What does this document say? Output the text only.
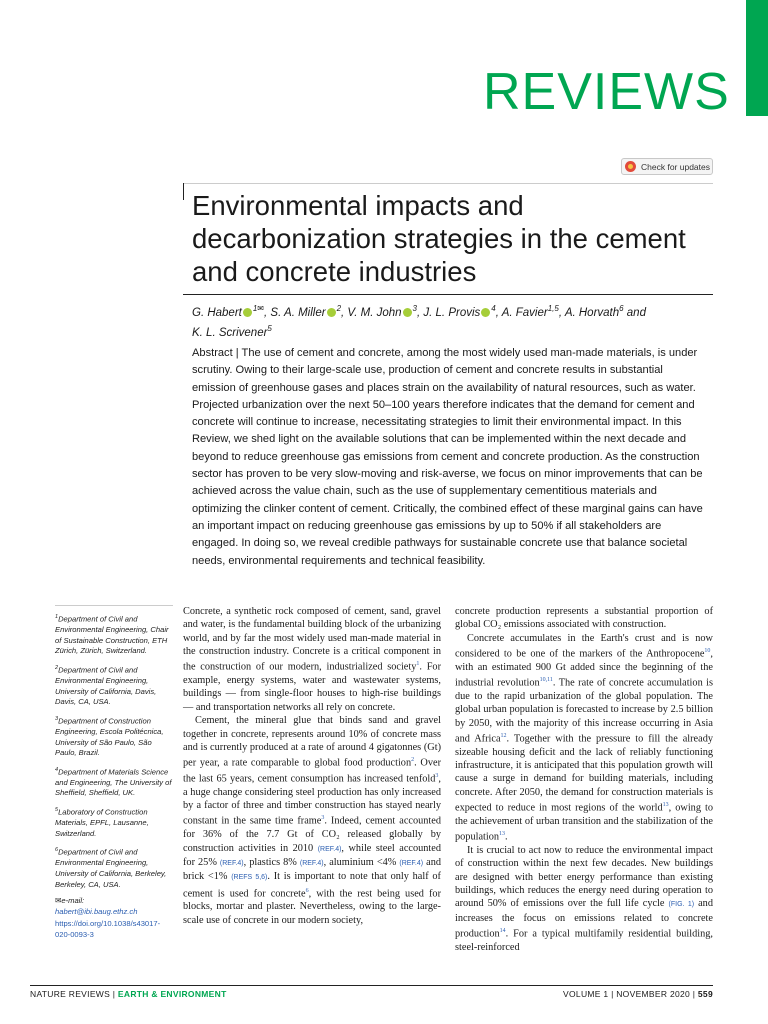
REVIEWS
Check for updates
Environmental impacts and decarbonization strategies in the cement and concrete industries
G. Habert $^{1✉}$, S. A. Miller $^2$, V. M. John $^3$, J. L. Provis $^4$, A. Favier$^{1,5}$, A. Horvath$^6$ and
K. L. Scrivener$^5$

Abstract | The use of cement and concrete, among the most widely used man-made materials, is under scrutiny. Owing to their large-scale use, production of cement and concrete results in substantial emission of greenhouse gases and places strain on the availability of natural resources, such as water. Projected urbanization over the next 50–100 years therefore indicates that the demand for cement and concrete will continue to increase, necessitating strategies to limit their environmental impact. In this Review, we shed light on the available solutions that can be implemented within the next decade and beyond to reduce greenhouse gas emissions from cement and concrete production. As the construction sector has proven to be very slow-moving and risk-averse, we focus on minor improvements that can be achieved across the value chain, such as the use of supplementary cementitious materials and optimizing the clinker content of cement. Critically, the combined effect of these marginal gains can have an important impact on reducing greenhouse gas emissions by up to 50% if all stakeholders are engaged. In doing so, we reveal credible pathways for sustainable concrete use that balance societal needs, environmental requirements and technical feasibility.

$^1$Department of Civil and Environmental Engineering, Chair of Sustainable Construction, ETH Zürich, Zürich, Switzerland.

$^2$Department of Civil and Environmental Engineering, University of California, Davis, Davis, CA, USA.

$^3$Department of Construction Engineering, Escola Politécnica, University of São Paulo, São Paulo, Brazil.

$^4$Department of Materials Science and Engineering, The University of Sheffield, Sheffield, UK.

$^5$Laboratory of Construction Materials, EPFL, Lausanne, Switzerland.

$^6$Department of Civil and Environmental Engineering, University of California, Berkeley, Berkeley, CA, USA.

✉e-mail:

habert@ibi.baug.ethz.ch

https://doi.org/10.1038/s43017-020-0093-3

Concrete, a synthetic rock composed of cement, sand, gravel and water, is the fundamental building block of the urbanizing world, and by far the most widely used man-made material in the construction industry. Concrete is a critical component in the construction of our modern, industrialized society$^1$. For example, energy systems, water and wastewater systems, buildings — from single-floor houses to high-rise buildings — and transportation networks all rely on concrete.

Cement, the mineral glue that binds sand and gravel together in concrete, represents around 10% of concrete mass and is currently produced at a rate of around 4 gigatonnes (Gt) per year, a rate comparable to global food production$^2$. Over the last 65 years, cement consumption has increased tenfold$^3$, a huge change considering steel production has only increased by a factor of three and timber construction has stayed nearly constant in the same time frame$^3$. Indeed, cement accounted for 36% of the 7.7 Gt of CO₂ released globally by construction activities in 2010 (REF.4), while steel accounted for 25% (REF.4), plastics 8% (REF.4), aluminium <4% (REF.4) and brick <1% (REFS 5,6). It is important to note that only half of cement is used for concrete$^6$, with the rest being used for blocks, mortar and plaster. Nevertheless, owing to the large-scale use of concrete in our modern society,

concrete production represents a substantial proportion of global CO₂ emissions associated with construction.

Concrete accumulates in the Earth's crust and is now considered to be one of the markers of the Anthropocene$^{10}$, with an estimated 900 Gt added since the beginning of the industrial revolution$^{10,11}$. The rate of concrete accumulation is due to the rapid urbanization of the global population. The global urban population is forecasted to increase by 2.5 billion by 2050, with the majority of this increase occurring in Asia and Africa$^{12}$. Together with the pressure to fill the already sizeable housing deficit and the lack of reliably functioning infrastructure, it is anticipated that this population growth will cause a surge in demand for building materials, including concrete. After 2050, the demand for construction materials is expected to reduce in most regions of the world$^{13}$, owing to the achievement of urban transition and the stabilization of the population$^{13}$.

It is crucial to act now to reduce the environmental impact of construction within the next few decades. New buildings are designed with better energy performance than existing buildings, which reduces the energy need during operation to around 50% of emissions over the full life cycle (FIG. 1) and increases the focus on emissions related to concrete production$^{14}$. For a typical multifamily residential building, steel-reinforced

NATURE REVIEWS | EARTH & ENVIRONMENT	VOLUME 1 | NOVEMBER 2020 | 559
